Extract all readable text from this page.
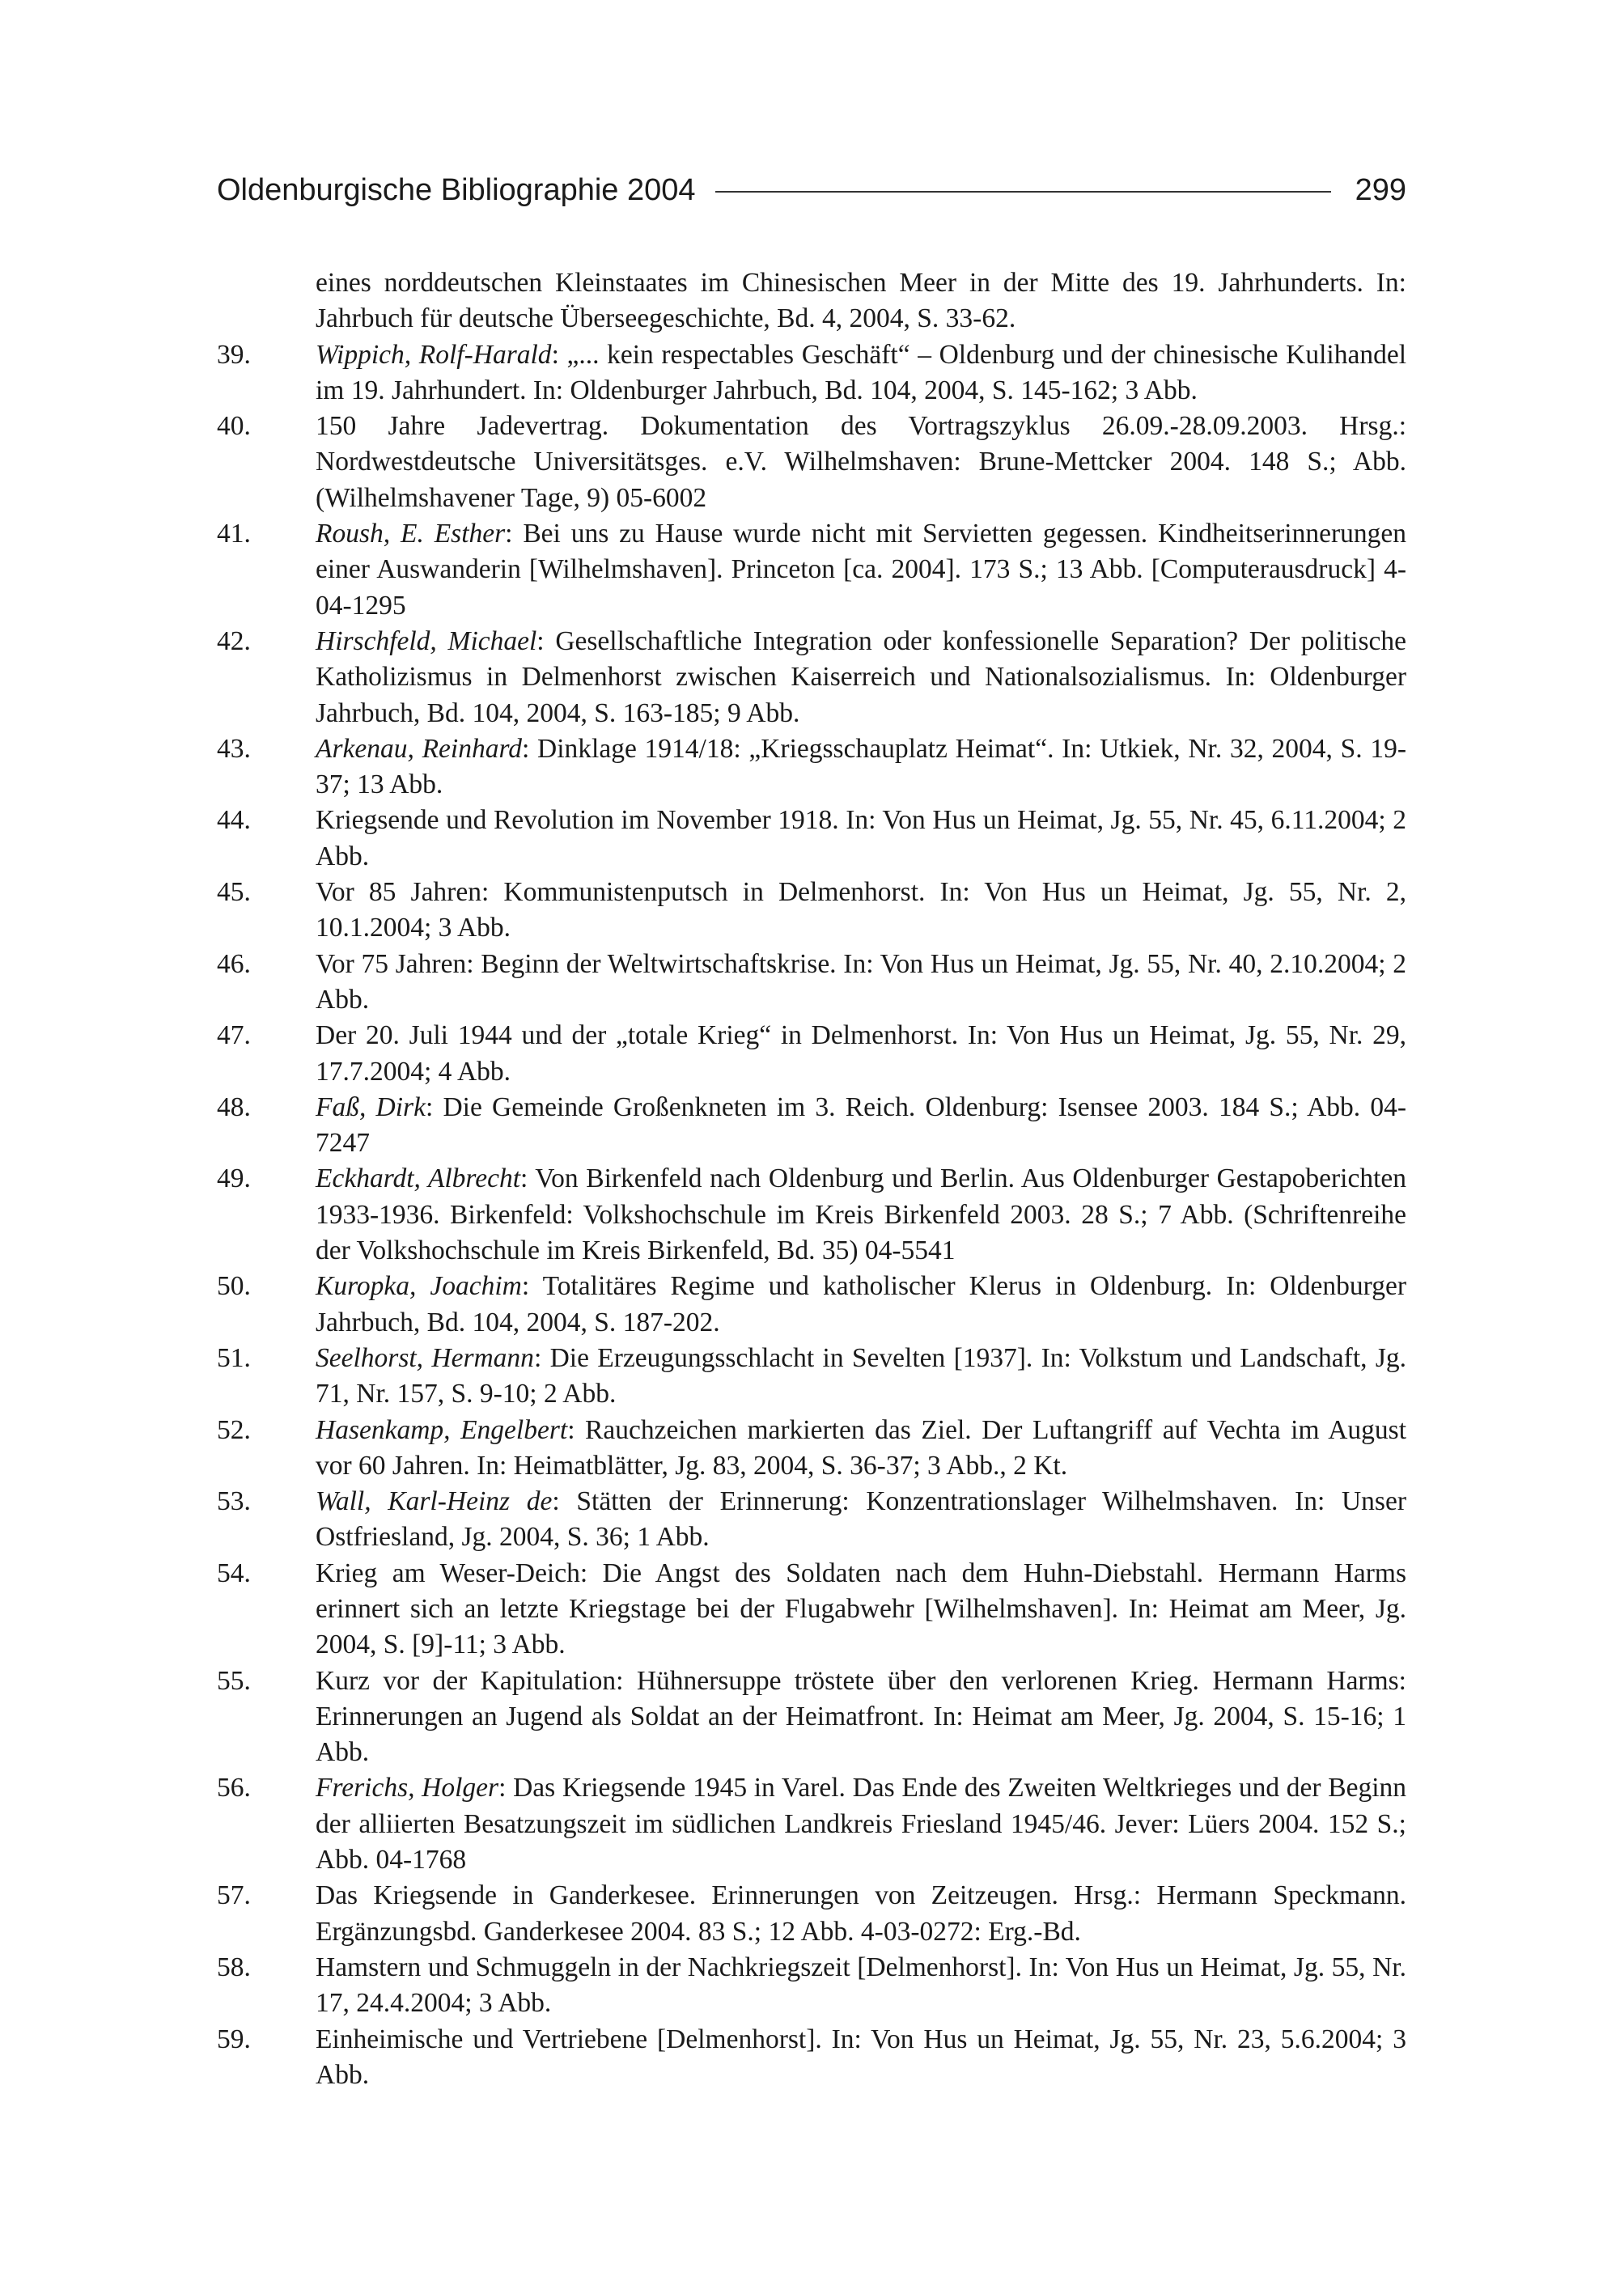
Oldenburgische Bibliographie 2004	299
eines norddeutschen Kleinstaates im Chinesischen Meer in der Mitte des 19. Jahrhunderts. In: Jahrbuch für deutsche Überseegeschichte, Bd. 4, 2004, S. 33-62.
39.	Wippich, Rolf-Harald: „... kein respectables Geschäft“ – Oldenburg und der chinesische Kulihandel im 19. Jahrhundert. In: Oldenburger Jahrbuch, Bd. 104, 2004, S. 145-162; 3 Abb.
40.	150 Jahre Jadevertrag. Dokumentation des Vortragszyklus 26.09.-28.09.2003. Hrsg.: Nordwestdeutsche Universitätsges. e.V. Wilhelmshaven: Brune-Mettcker 2004. 148 S.; Abb. (Wilhelmshavener Tage, 9) 05-6002
41.	Roush, E. Esther: Bei uns zu Hause wurde nicht mit Servietten gegessen. Kindheitserinnerungen einer Auswanderin [Wilhelmshaven]. Princeton [ca. 2004]. 173 S.; 13 Abb. [Computerausdruck] 4-04-1295
42.	Hirschfeld, Michael: Gesellschaftliche Integration oder konfessionelle Separation? Der politische Katholizismus in Delmenhorst zwischen Kaiserreich und Nationalsozialismus. In: Oldenburger Jahrbuch, Bd. 104, 2004, S. 163-185; 9 Abb.
43.	Arkenau, Reinhard: Dinklage 1914/18: „Kriegsschauplatz Heimat“. In: Utkiek, Nr. 32, 2004, S. 19-37; 13 Abb.
44.	Kriegsende und Revolution im November 1918. In: Von Hus un Heimat, Jg. 55, Nr. 45, 6.11.2004; 2 Abb.
45.	Vor 85 Jahren: Kommunistenputsch in Delmenhorst. In: Von Hus un Heimat, Jg. 55, Nr. 2, 10.1.2004; 3 Abb.
46.	Vor 75 Jahren: Beginn der Weltwirtschaftskrise. In: Von Hus un Heimat, Jg. 55, Nr. 40, 2.10.2004; 2 Abb.
47.	Der 20. Juli 1944 und der „totale Krieg“ in Delmenhorst. In: Von Hus un Heimat, Jg. 55, Nr. 29, 17.7.2004; 4 Abb.
48.	Faß, Dirk: Die Gemeinde Großenkneten im 3. Reich. Oldenburg: Isensee 2003. 184 S.; Abb. 04-7247
49.	Eckhardt, Albrecht: Von Birkenfeld nach Oldenburg und Berlin. Aus Oldenburger Gestapoberichten 1933-1936. Birkenfeld: Volkshochschule im Kreis Birkenfeld 2003. 28 S.; 7 Abb. (Schriftenreihe der Volkshochschule im Kreis Birkenfeld, Bd. 35) 04-5541
50.	Kuropka, Joachim: Totalitäres Regime und katholischer Klerus in Oldenburg. In: Oldenburger Jahrbuch, Bd. 104, 2004, S. 187-202.
51.	Seelhorst, Hermann: Die Erzeugungsschlacht in Sevelten [1937]. In: Volkstum und Landschaft, Jg. 71, Nr. 157, S. 9-10; 2 Abb.
52.	Hasenkamp, Engelbert: Rauchzeichen markierten das Ziel. Der Luftangriff auf Vechta im August vor 60 Jahren. In: Heimatblätter, Jg. 83, 2004, S. 36-37; 3 Abb., 2 Kt.
53.	Wall, Karl-Heinz de: Stätten der Erinnerung: Konzentrationslager Wilhelmshaven. In: Unser Ostfriesland, Jg. 2004, S. 36; 1 Abb.
54.	Krieg am Weser-Deich: Die Angst des Soldaten nach dem Huhn-Diebstahl. Hermann Harms erinnert sich an letzte Kriegstage bei der Flugabwehr [Wilhelmshaven]. In: Heimat am Meer, Jg. 2004, S. [9]-11; 3 Abb.
55.	Kurz vor der Kapitulation: Hühnersuppe tröstete über den verlorenen Krieg. Hermann Harms: Erinnerungen an Jugend als Soldat an der Heimatfront. In: Heimat am Meer, Jg. 2004, S. 15-16; 1 Abb.
56.	Frerichs, Holger: Das Kriegsende 1945 in Varel. Das Ende des Zweiten Weltkrieges und der Beginn der alliierten Besatzungszeit im südlichen Landkreis Friesland 1945/46. Jever: Lüers 2004. 152 S.; Abb. 04-1768
57.	Das Kriegsende in Ganderkesee. Erinnerungen von Zeitzeugen. Hrsg.: Hermann Speckmann. Ergänzungsbd. Ganderkesee 2004. 83 S.; 12 Abb. 4-03-0272: Erg.-Bd.
58.	Hamstern und Schmuggeln in der Nachkriegszeit [Delmenhorst]. In: Von Hus un Heimat, Jg. 55, Nr. 17, 24.4.2004; 3 Abb.
59.	Einheimische und Vertriebene [Delmenhorst]. In: Von Hus un Heimat, Jg. 55, Nr. 23, 5.6.2004; 3 Abb.
